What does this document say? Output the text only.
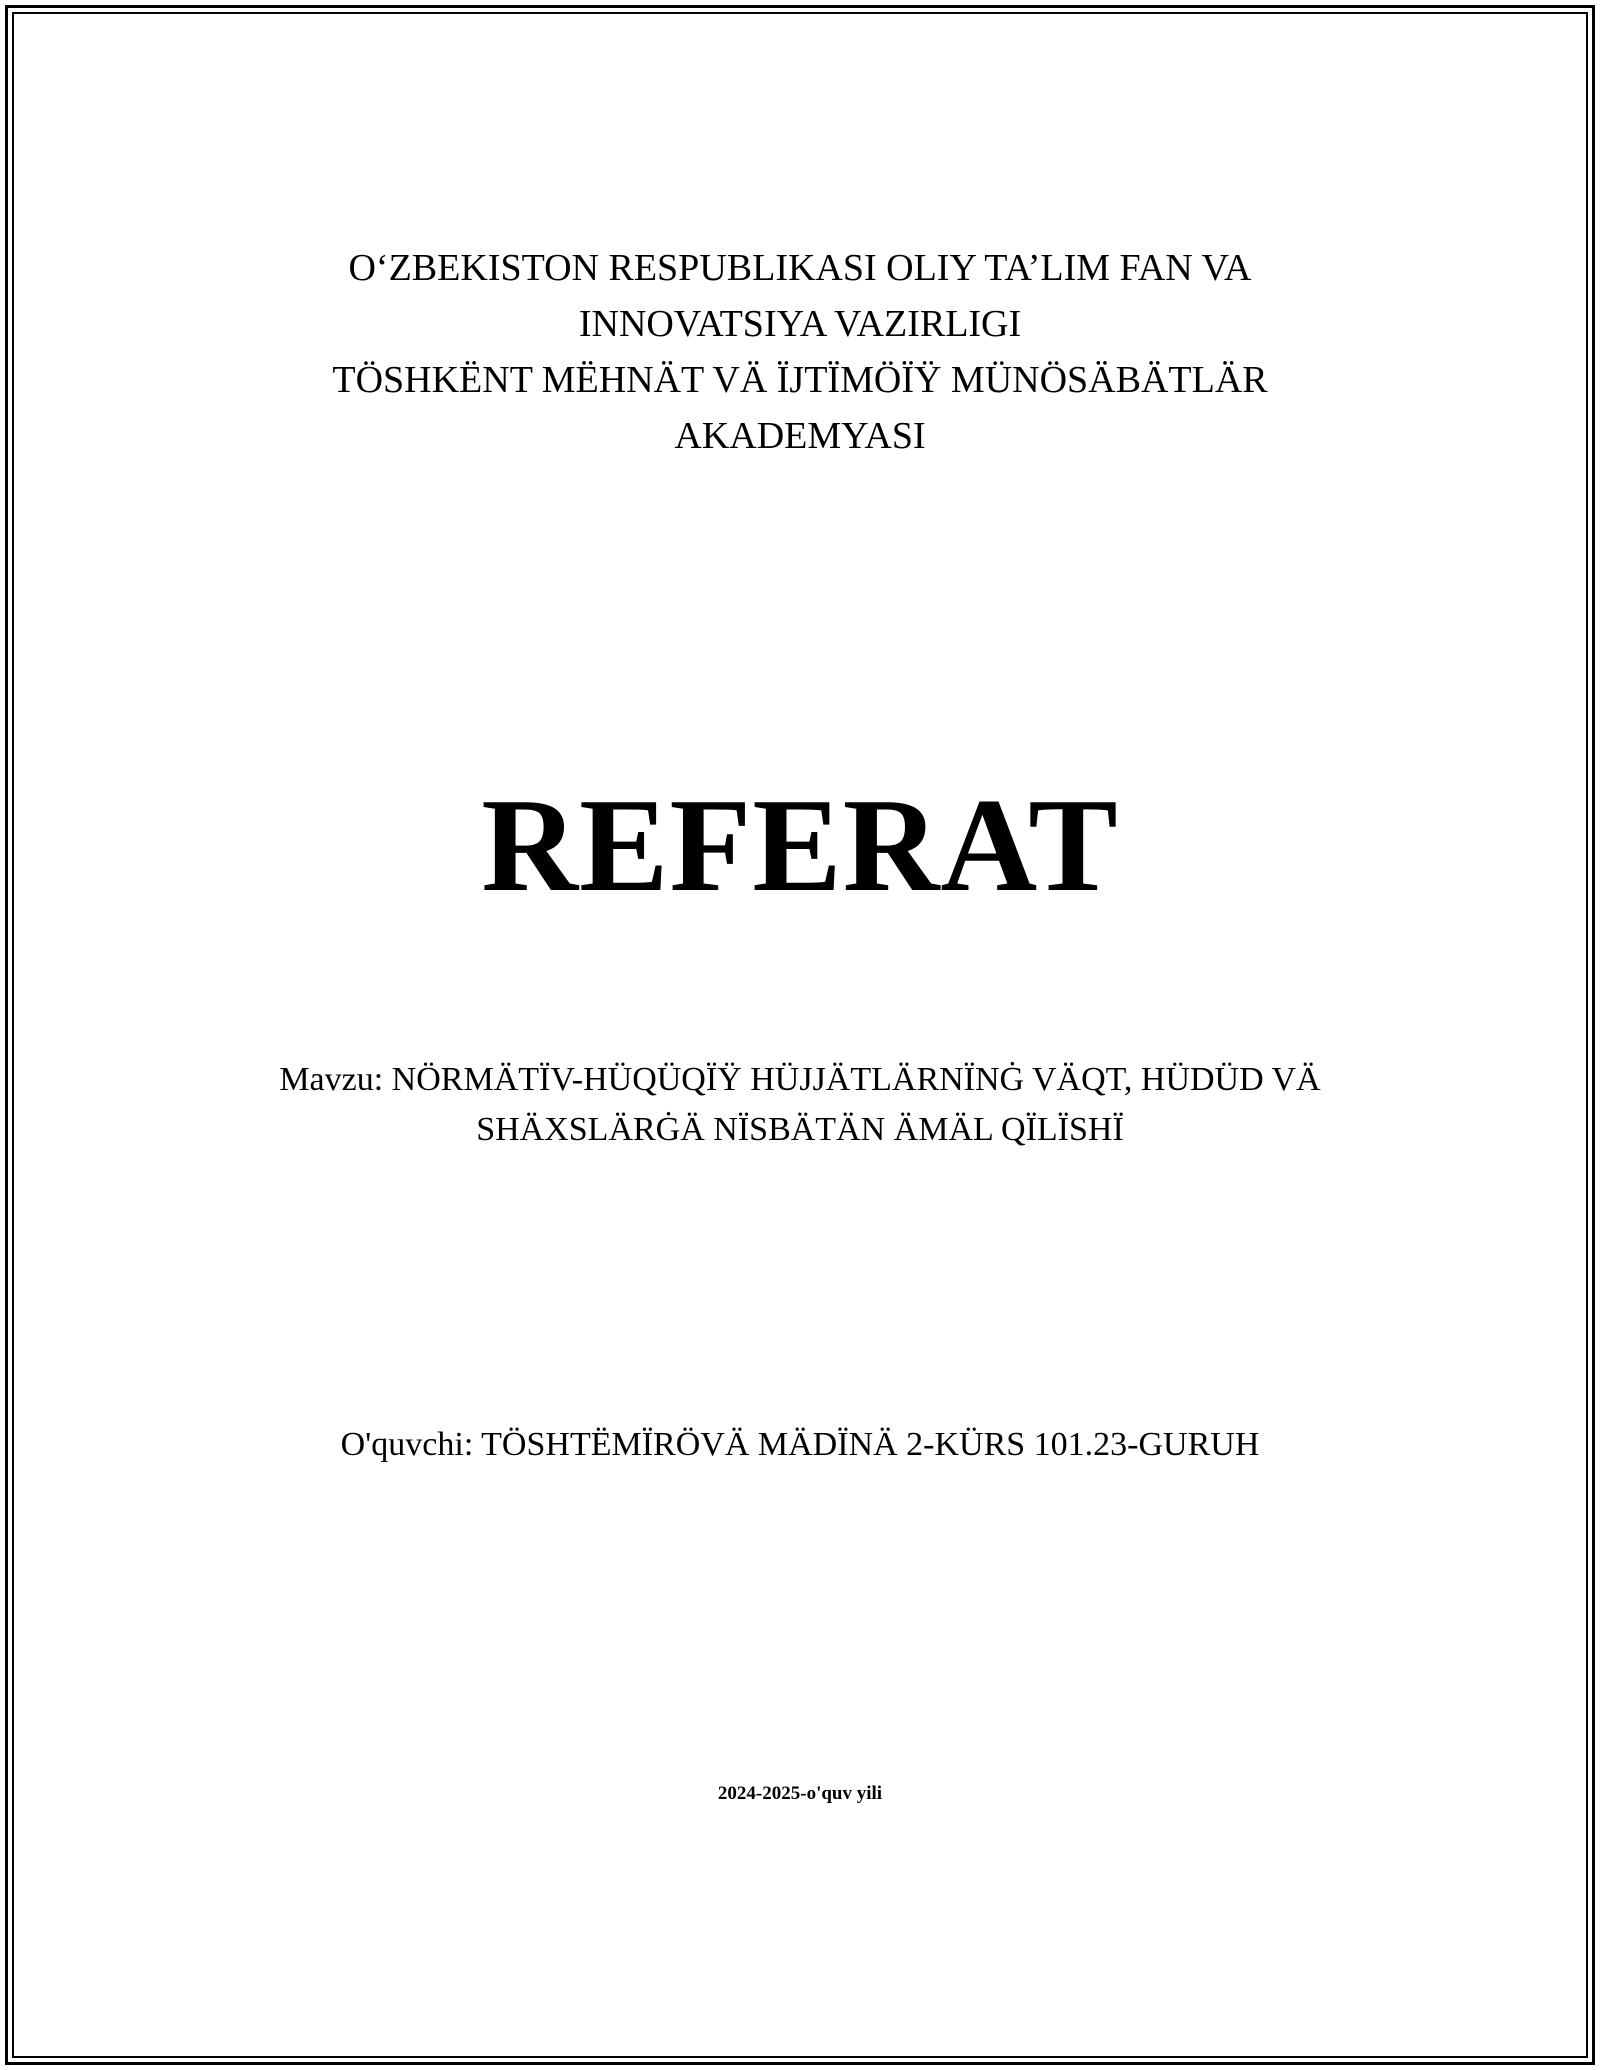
O‘ZBEKISTON RESPUBLIKASI OLIY TA’LIM FAN VA
INNOVATSIYA VAZIRLIGI
TÖSHKËNT MËHNÄT VÄ ÏJTÏMÖÏŸ MÜNÖSÄBÄTLÄR
AKADEMYASI
REFERAT
Mavzu: NÖRMÄTÏV-HÜQÜQÏŸ HÜJJÄTLÄRNÏNĠ VÄQT, HÜDÜD VÄ
SHÄXSLÄRĠÄ NÏSBÄTÄN ÄMÄL QÏLÏSHÏ
O'quvchi: TÖSHTËMÏRÖVÄ MÄDÏNÄ 2-KÜRS 101.23-GURUH
2024-2025-o'quv yili
